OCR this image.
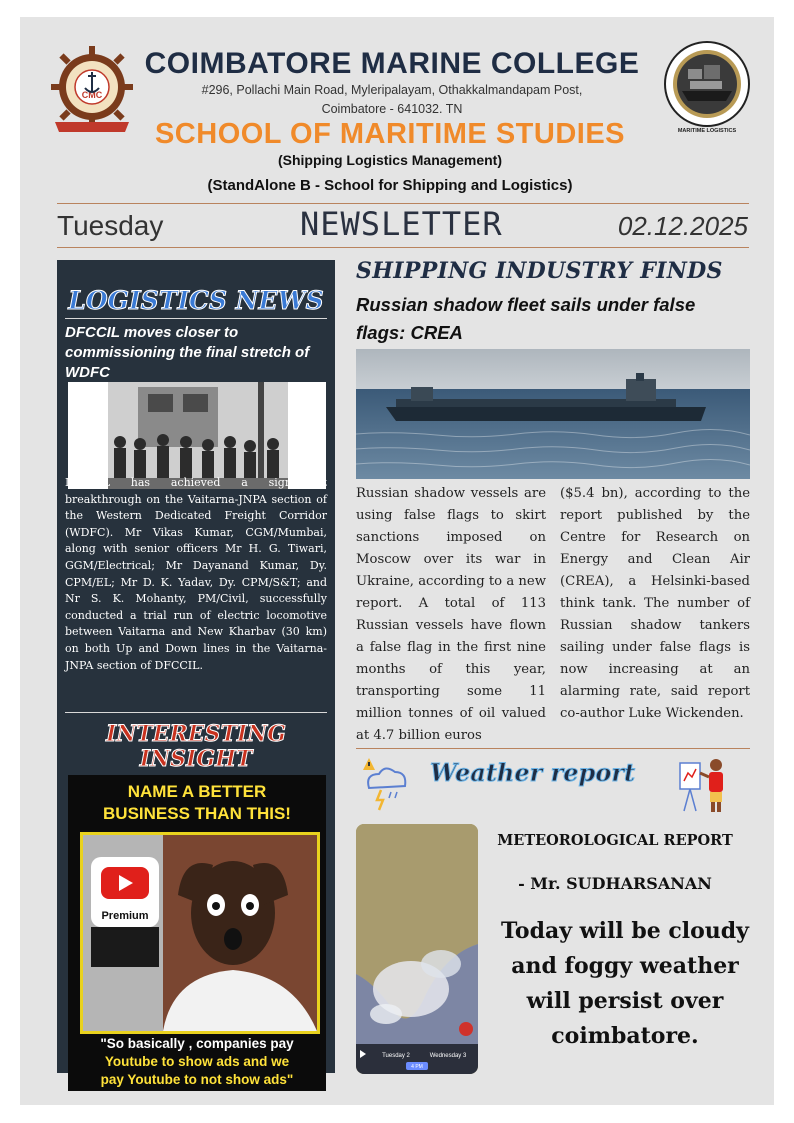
CMC
COIMBATORE MARINE COLLEGE
#296, Pollachi Main Road, Myleripalayam, Othakkalmandapam Post,
Coimbatore - 641032. TN
MARITIME LOGISTICS
SCHOOL OF MARITIME STUDIES
(Shipping Logistics Management)
(StandAlone B - School for Shipping and Logistics)
Tuesday	NEWSLETTER	02.12.2025
LOGISTICS NEWS
DFCCIL moves closer to commissioning the final stretch of WDFC
DFCCIL has achieved a significant breakthrough on the Vaitarna-JNPA section of the Western Dedicated Freight Corridor (WDFC). Mr Vikas Kumar, CGM/Mumbai, along with senior officers Mr H. G. Tiwari, GGM/Electrical; Mr Dayanand Kumar, Dy. CPM/EL; Mr D. K. Yadav, Dy. CPM/S&T; and Nr S. K. Mohanty, PM/Civil, successfully conducted a trial run of electric locomotive between Vaitarna and New Kharbav (30 km) on both Up and Down lines in the Vaitarna-JNPA section of DFCCIL.
INTERESTING
INSIGHT
NAME A BETTER
BUSINESS THAN THIS!
Premium
"So basically , companies pay
Youtube to show ads and we
pay Youtube to not show ads"
SHIPPING INDUSTRY FINDS
Russian shadow fleet sails under false flags: CREA
Russian shadow vessels are using false flags to skirt sanctions imposed on Moscow over its war in Ukraine, according to a new report. A total of 113 Russian vessels have flown a false flag in the first nine months of this year, transporting some 11 million tonnes of oil valued at 4.7 billion euros
($5.4 bn), according to the report published by the Centre for Research on Energy and Clean Air (CREA), a Helsinki-based think tank. The number of Russian shadow tankers sailing under false flags is now increasing at an alarming rate, said report co-author Luke Wickenden.
Weather report
Tuesday 2	Wednesday 3
4 PM
METEOROLOGICAL REPORT
- Mr. SUDHARSANAN
Today will be cloudy and foggy weather will persist over coimbatore.
